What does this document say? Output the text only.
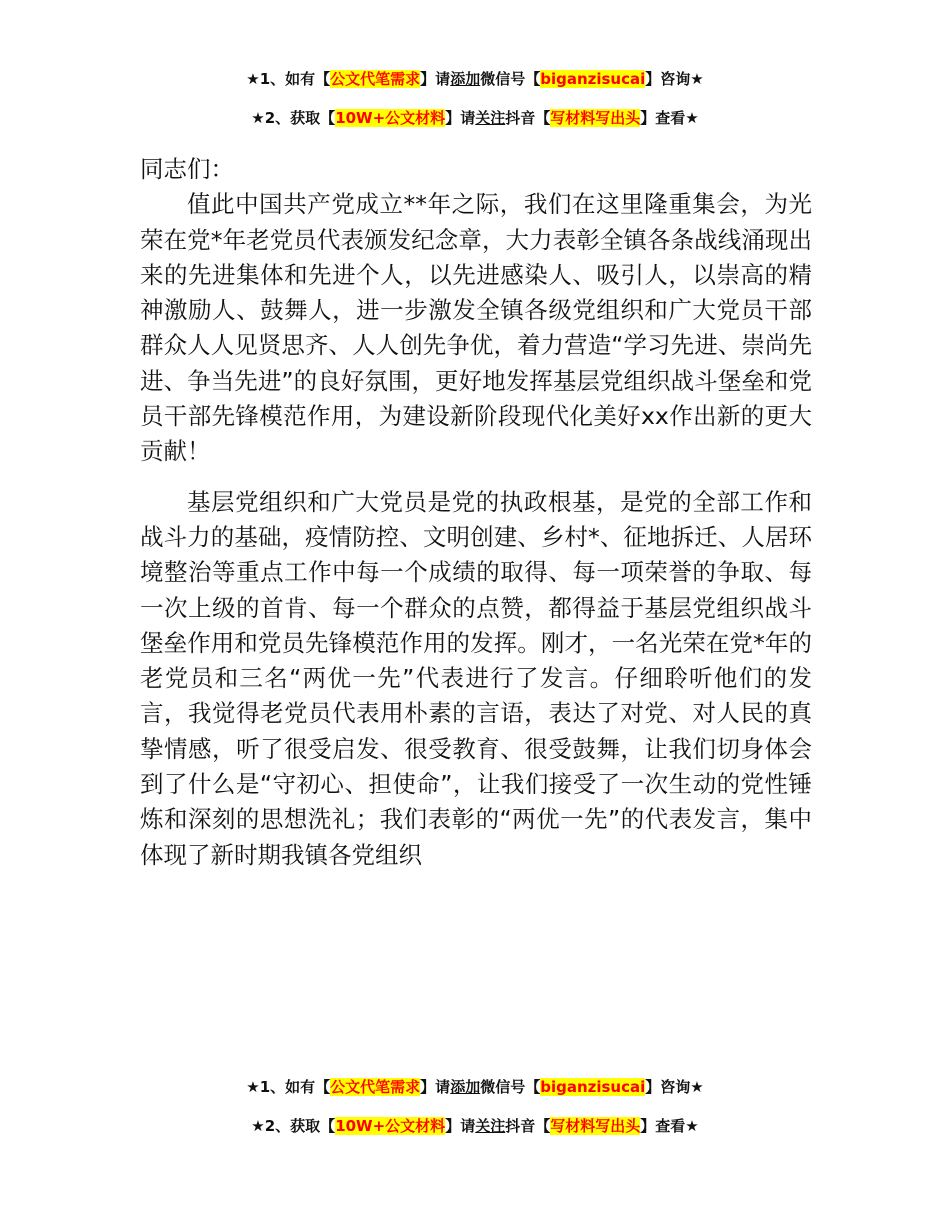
★1、如有【公文代笔需求】请添加微信号【biganzisucai】咨询★
★2、获取【10W+公文材料】请关注抖音【写材料写出头】查看★

同志们：

值此中国共产党成立**年之际，我们在这里隆重集会，为光荣在党*年老党员代表颁发纪念章，大力表彰全镇各条战线涌现出来的先进集体和先进个人，以先进感染人、吸引人，以崇高的精神激励人、鼓舞人，进一步激发全镇各级党组织和广大党员干部群众人人见贤思齐、人人创先争优，着力营造“学习先进、崇尚先进、争当先进”的良好氛围，更好地发挥基层党组织战斗堡垒和党员干部先锋模范作用，为建设新阶段现代化美好xx作出新的更大贡献！

基层党组织和广大党员是党的执政根基，是党的全部工作和战斗力的基础，疫情防控、文明创建、乡村*、征地拆迁、人居环境整治等重点工作中每一个成绩的取得、每一项荣誉的争取、每一次上级的首肯、每一个群众的点赞，都得益于基层党组织战斗堡垒作用和党员先锋模范作用的发挥。刚才，一名光荣在党*年的老党员和三名“两优一先”代表进行了发言。仔细聆听他们的发言，我觉得老党员代表用朴素的言语，表达了对党、对人民的真挚情感，听了很受启发、很受教育、很受鼓舞，让我们切身体会到了什么是“守初心、担使命”，让我们接受了一次生动的党性锤炼和深刻的思想洗礼；我们表彰的“两优一先”的代表发言，集中体现了新时期我镇各党组织

★1、如有【公文代笔需求】请添加微信号【biganzisucai】咨询★
★2、获取【10W+公文材料】请关注抖音【写材料写出头】查看★
